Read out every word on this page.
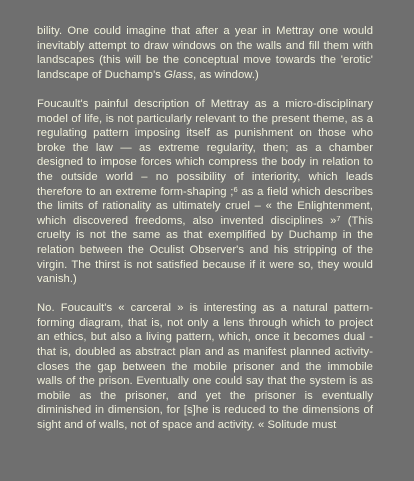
bility. One could imagine that after a year in Mettray one would inevitably attempt to draw windows on the walls and fill them with landscapes (this will be the conceptual move towards the 'erotic' landscape of Duchamp's Glass, as window.)

Foucault's painful description of Mettray as a micro-disciplinary model of life, is not particularly relevant to the present theme, as a regulating pattern imposing itself as punishment on those who broke the law — as extreme regularity, then; as a chamber designed to impose forces which compress the body in relation to the outside world – no possibility of interiority, which leads therefore to an extreme form-shaping ;$^6$ as a field which describes the limits of rationality as ultimately cruel – « the Enlightenment, which discovered freedoms, also invented disciplines »$^7$ (This cruelty is not the same as that exemplified by Duchamp in the relation between the Oculist Observer's and his stripping of the virgin. The thirst is not satisfied because if it were so, they would vanish.)

No. Foucault's « carceral » is interesting as a natural pattern-forming diagram, that is, not only a lens through which to project an ethics, but also a living pattern, which, once it becomes dual - that is, doubled as abstract plan and as manifest planned activity- closes the gap between the mobile prisoner and the immobile walls of the prison. Eventually one could say that the system is as mobile as the prisoner, and yet the prisoner is eventually diminished in dimension, for [s]he is reduced to the dimensions of sight and of walls, not of space and activity. « Solitude must
